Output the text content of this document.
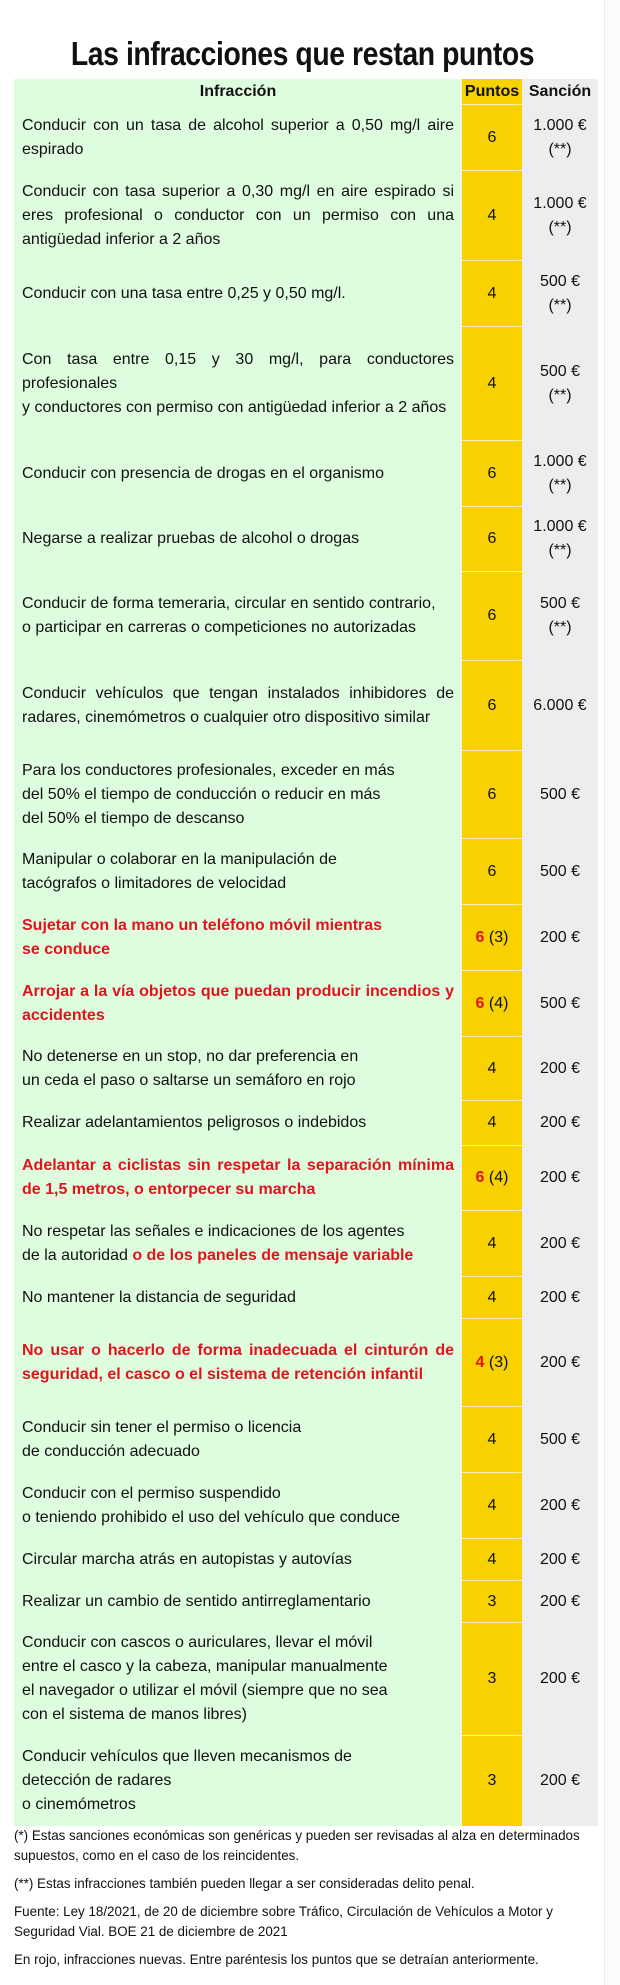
Las infracciones que restan puntos
Infracción	Puntos	Sanción
Conducir con un tasa de alcohol superior a 0,50 mg/l aire espirado	6	1.000 €
(**)

Conducir con tasa superior a 0,30 mg/l en aire espirado si eres profesional o conductor con un permiso con una antigüedad inferior a 2 años	4	1.000 €
(**)

Conducir con una tasa entre 0,25 y 0,50 mg/l.	4	500 €
(**)

Con tasa entre 0,15 y 30 mg/l, para conductores profesionales
y conductores con permiso con antigüedad inferior a 2 años	4	500 €
(**)

Conducir con presencia de drogas en el organismo	6	1.000 €
(**)

Negarse a realizar pruebas de alcohol o drogas	6	1.000 €
(**)

Conducir de forma temeraria, circular en sentido contrario,
o participar en carreras o competiciones no autorizadas	6	500 €
(**)

Conducir vehículos que tengan instalados inhibidores de radares, cinemómetros o cualquier otro dispositivo similar	6	6.000 €

Para los conductores profesionales, exceder en más
del 50% el tiempo de conducción o reducir en más
del 50% el tiempo de descanso	6	500 €

Manipular o colaborar en la manipulación de
tacógrafos o limitadores de velocidad	6	500 €

Sujetar con la mano un teléfono móvil mientras
se conduce	6 (3)	200 €

Arrojar a la vía objetos que puedan producir incendios y accidentes	6 (4)	500 €

No detenerse en un stop, no dar preferencia en
un ceda el paso o saltarse un semáforo en rojo	4	200 €

Realizar adelantamientos peligrosos o indebidos	4	200 €

Adelantar a ciclistas sin respetar la separación mínima de 1,5 metros, o entorpecer su marcha	6 (4)	200 €

No respetar las señales e indicaciones de los agentes
de la autoridad o de los paneles de mensaje variable	4	200 €

No mantener la distancia de seguridad	4	200 €

No usar o hacerlo de forma inadecuada el cinturón de seguridad, el casco o el sistema de retención infantil	4 (3)	200 €

Conducir sin tener el permiso o licencia
de conducción adecuado	4	500 €

Conducir con el permiso suspendido
o teniendo prohibido el uso del vehículo que conduce	4	200 €

Circular marcha atrás en autopistas y autovías	4	200 €

Realizar un cambio de sentido antirreglamentario	3	200 €

Conducir con cascos o auriculares, llevar el móvil
entre el casco y la cabeza, manipular manualmente
el navegador o utilizar el móvil (siempre que no sea
con el sistema de manos libres)	3	200 €

Conducir vehículos que lleven mecanismos de
detección de radares
o cinemómetros	3	200 €

(*) Estas sanciones económicas son genéricas y pueden ser revisadas al alza en determinados supuestos, como en el caso de los reincidentes.

(**) Estas infracciones también pueden llegar a ser consideradas delito penal.

Fuente: Ley 18/2021, de 20 de diciembre sobre Tráfico, Circulación de Vehículos a Motor y Seguridad Vial. BOE 21 de diciembre de 2021

En rojo, infracciones nuevas. Entre paréntesis los puntos que se detraían anteriormente.
